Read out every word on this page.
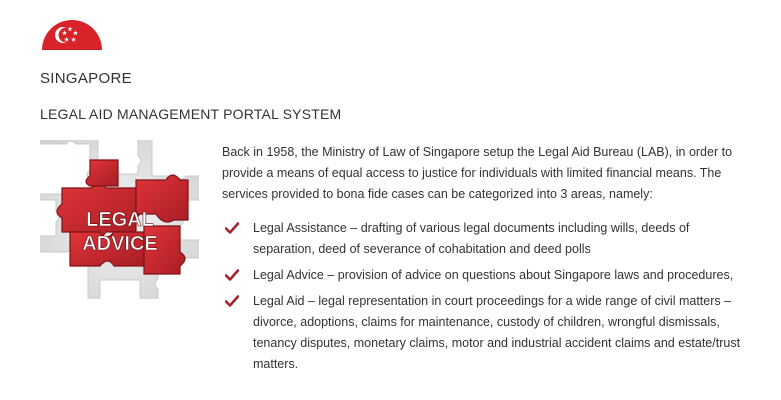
SINGAPORE
LEGAL AID MANAGEMENT PORTAL SYSTEM
LEGAL
ADVICE

Back in 1958, the Ministry of Law of Singapore setup the Legal Aid Bureau (LAB), in order to provide a means of equal access to justice for individuals with limited financial means. The services provided to bona fide cases can be categorized into 3 areas, namely:

Legal Assistance – drafting of various legal documents including wills, deeds of separation, deed of severance of cohabitation and deed polls
Legal Advice – provision of advice on questions about Singapore laws and procedures,
Legal Aid – legal representation in court proceedings for a wide range of civil matters – divorce, adoptions, claims for maintenance, custody of children, wrongful dismissals, tenancy disputes, monetary claims, motor and industrial accident claims and estate/trust matters.
